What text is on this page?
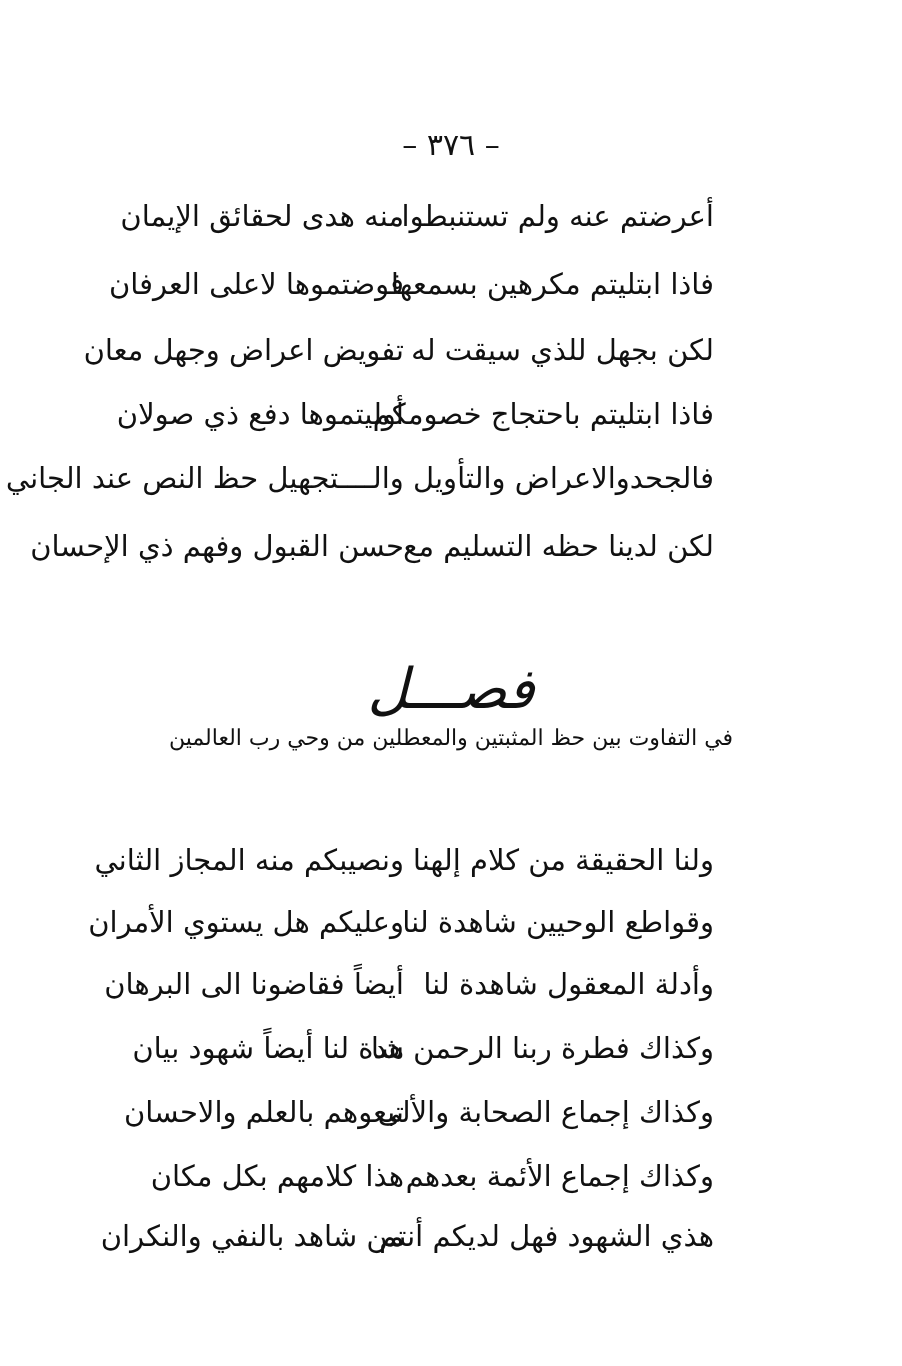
– ٣٧٦ –
أعرضتم عنه ولم تستنبطوا
منه هدى لحقائق الإيمان
فاذا ابتليتم مكرهين بسمعها
فوضتموها لاعلى العرفان
لكن بجهل للذي سيقت له
تفويض اعراض وجهل معان
فاذا ابتليتم باحتجاج خصومكم
أوليتموها دفع ذي صولان
فالجحدوالاعراض والتأويل والــــتجهيل حظ النص عند الجاني
لكن لدينا حظه التسليم مع
حسن القبول وفهم ذي الإحسان
فصـــل
في التفاوت بين حظ المثبتين والمعطلين من وحي رب العالمين
ولنا الحقيقة من كلام إلهنا
ونصيبكم منه المجاز الثاني
وقواطع الوحيين شاهدة لنا
وعليكم هل يستوي الأمران
وأدلة المعقول شاهدة لنا
أيضاً فقاضونا الى البرهان
وكذاك فطرة ربنا الرحمن شا
هدة لنا أيضاً شهود بيان
وكذاك إجماع الصحابة والألى
تبعوهم بالعلم والاحسان
وكذاك إجماع الأئمة بعدهم
هذا كلامهم بكل مكان
هذي الشهود فهل لديكم أنتم
من شاهد بالنفي والنكران
